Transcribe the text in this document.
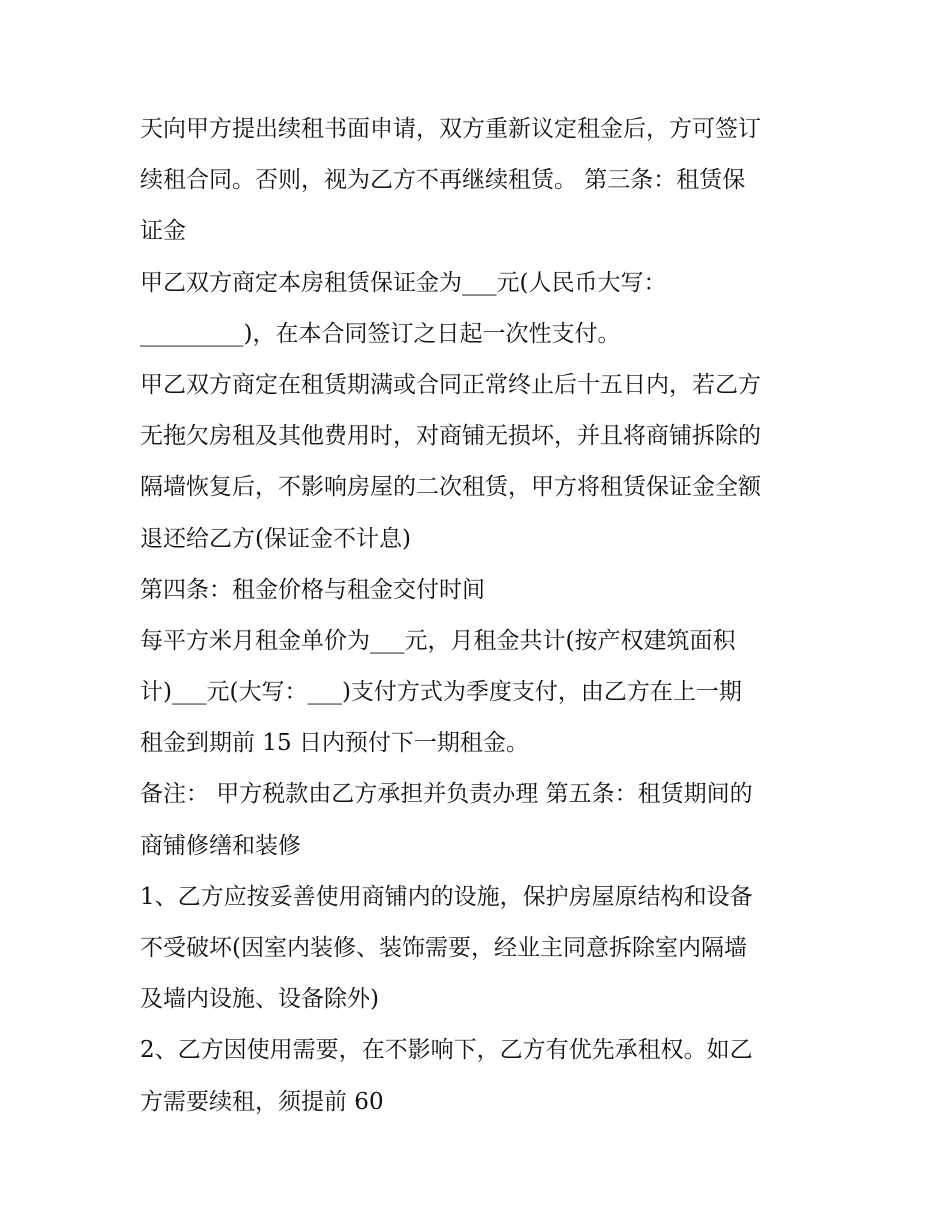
天向甲方提出续租书面申请，双方重新议定租金后，方可签订
续租合同。否则，视为乙方不再继续租赁。 第三条：租赁保
证金
甲乙双方商定本房租赁保证金为___元(人民币大写：
_________)，在本合同签订之日起一次性支付。
甲乙双方商定在租赁期满或合同正常终止后十五日内，若乙方
无拖欠房租及其他费用时，对商铺无损坏，并且将商铺拆除的
隔墙恢复后，不影响房屋的二次租赁，甲方将租赁保证金全额
退还给乙方(保证金不计息)
第四条：租金价格与租金交付时间
每平方米月租金单价为___元，月租金共计(按产权建筑面积
计)___元(大写：___)支付方式为季度支付，由乙方在上一期
租金到期前 15 日内预付下一期租金。
备注： 甲方税款由乙方承担并负责办理 第五条：租赁期间的
商铺修缮和装修
1、乙方应按妥善使用商铺内的设施，保护房屋原结构和设备
不受破坏(因室内装修、装饰需要，经业主同意拆除室内隔墙
及墙内设施、设备除外)
2、乙方因使用需要，在不影响下，乙方有优先承租权。如乙
方需要续租，须提前 60
